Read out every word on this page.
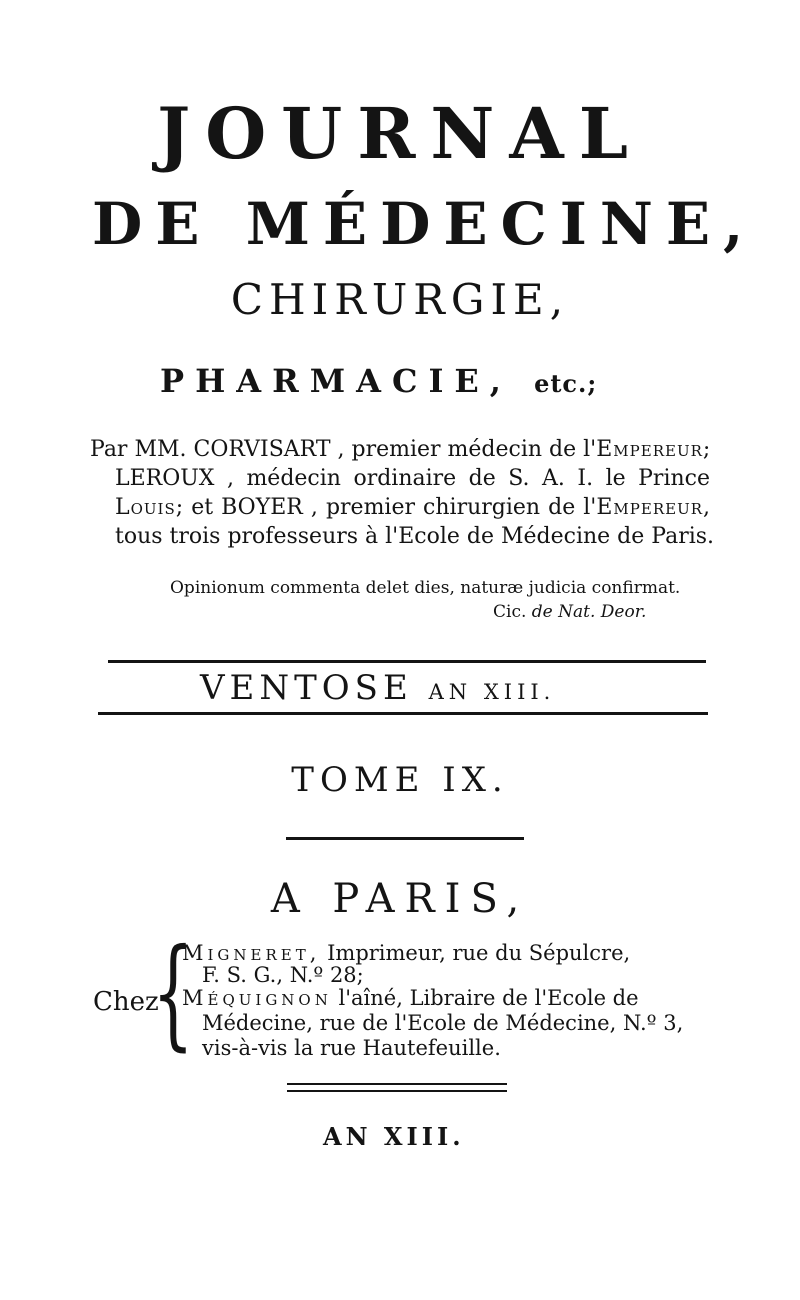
JOURNAL
DE MÉDECINE,
CHIRURGIE,
PHARMACIE, etc.;
Par MM. CORVISART , premier médecin de l'Empereur;
LEROUX , médecin ordinaire de S. A. I. le Prince
Louis; et BOYER , premier chirurgien de l'Empereur,
tous trois professeurs à l'Ecole de Médecine de Paris.
Opinionum commenta delet dies, naturæ judicia confirmat.
Cic. de Nat. Deor.
VENTOSE AN XIII.
TOME IX.
A PARIS,
Chez
{
Migneret, Imprimeur, rue du Sépulcre,
F. S. G., N.º 28;
Méquignon l'aîné, Libraire de l'Ecole de
Médecine, rue de l'Ecole de Médecine, N.º 3,
vis-à-vis la rue Hautefeuille.
AN XIII.
